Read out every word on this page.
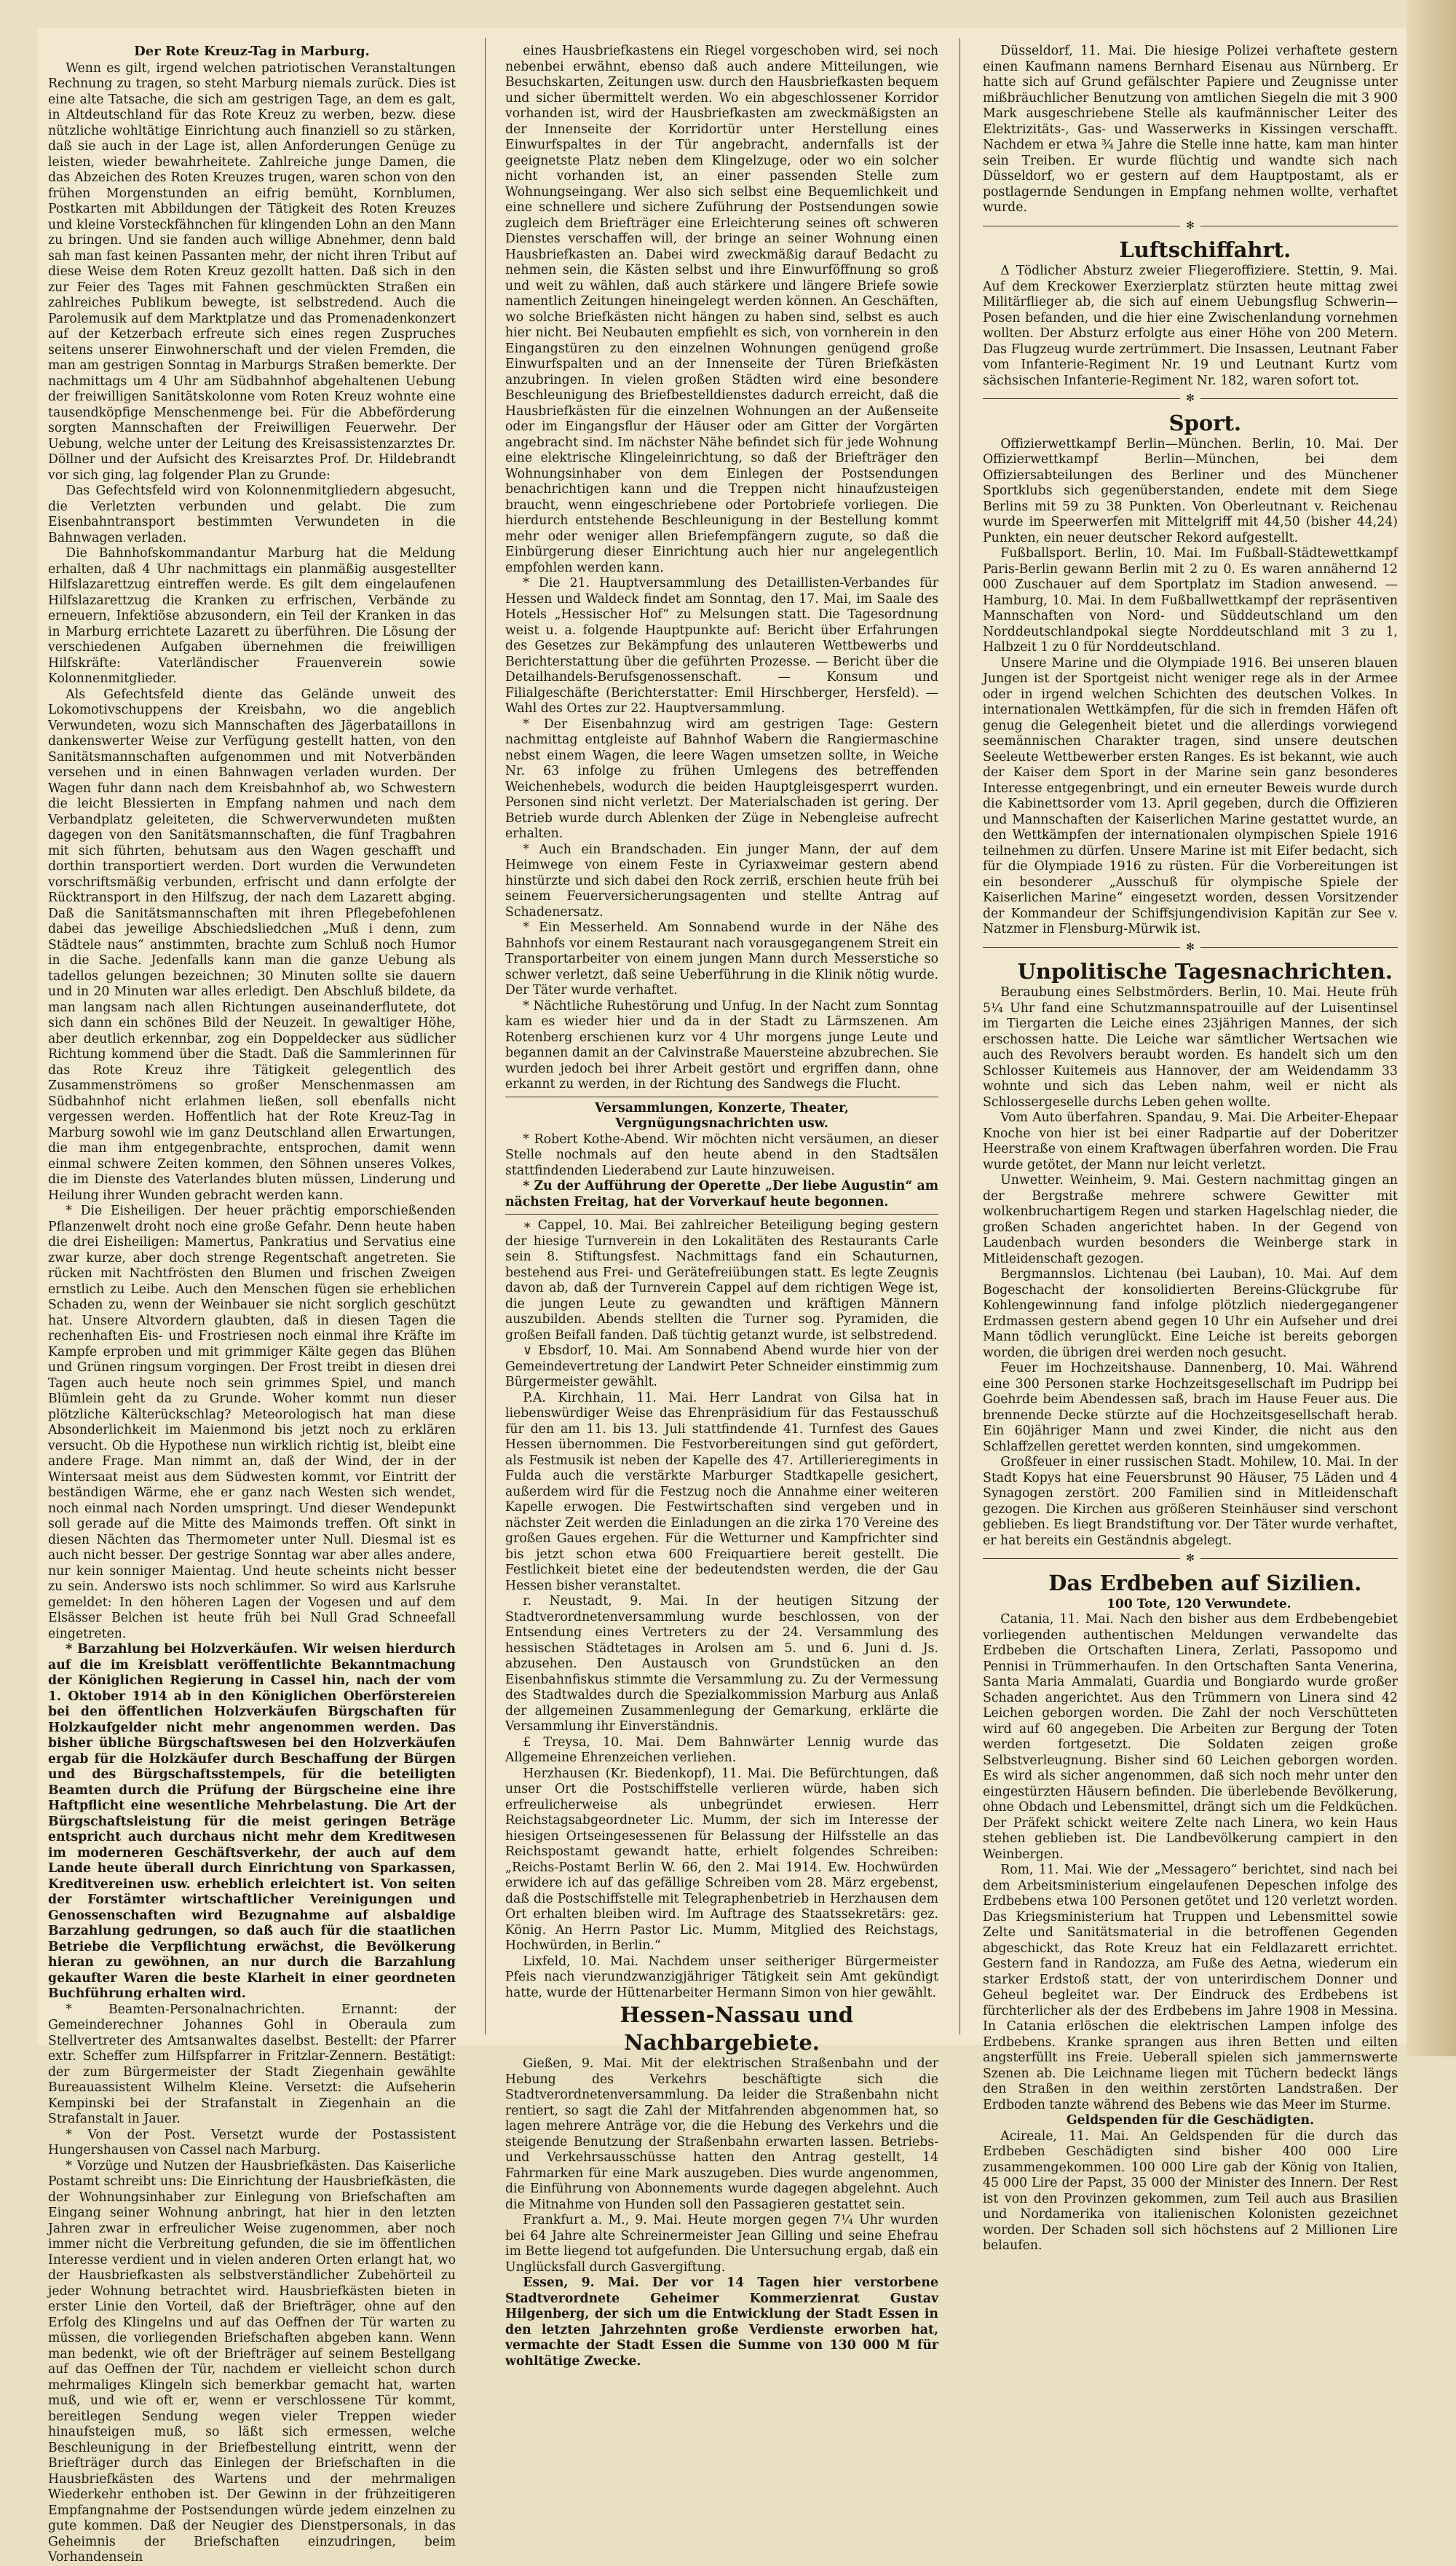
Der Rote Kreuz-Tag in Marburg.

Wenn es gilt, irgend welchen patriotischen Veranstaltungen Rechnung zu tragen, so steht Marburg niemals zurück. Dies ist eine alte Tatsache, die sich am gestrigen Tage, an dem es galt, in Altdeutschland für das Rote Kreuz zu werben, bezw. diese nützliche wohltätige Einrichtung auch finanziell so zu stärken, daß sie auch in der Lage ist, allen Anforderungen Genüge zu leisten, wieder bewahrheitete. Zahlreiche junge Damen, die das Abzeichen des Roten Kreuzes trugen, waren schon von den frühen Morgenstunden an eifrig bemüht, Kornblumen, Postkarten mit Abbildungen der Tätigkeit des Roten Kreuzes und kleine Vorsteckfähnchen für klingenden Lohn an den Mann zu bringen. Und sie fanden auch willige Abnehmer, denn bald sah man fast keinen Passanten mehr, der nicht ihren Tribut auf diese Weise dem Roten Kreuz gezollt hatten. Daß sich in den zur Feier des Tages mit Fahnen geschmückten Straßen ein zahlreiches Publikum bewegte, ist selbstredend. Auch die Parolemusik auf dem Marktplatze und das Promenadenkonzert auf der Ketzerbach erfreute sich eines regen Zuspruches seitens unserer Einwohnerschaft und der vielen Fremden, die man am gestrigen Sonntag in Marburgs Straßen bemerkte. Der nachmittags um 4 Uhr am Südbahnhof abgehaltenen Uebung der freiwilligen Sanitätskolonne vom Roten Kreuz wohnte eine tausendköpfige Menschenmenge bei. Für die Abbeförderung sorgten Mannschaften der Freiwilligen Feuerwehr. Der Uebung, welche unter der Leitung des Kreisassistenzarztes Dr. Döllner und der Aufsicht des Kreisarztes Prof. Dr. Hildebrandt vor sich ging, lag folgender Plan zu Grunde:

Das Gefechtsfeld wird von Kolonnenmitgliedern abgesucht, die Verletzten verbunden und gelabt. Die zum Eisenbahntransport bestimmten Verwundeten in die Bahnwagen verladen.

Die Bahnhofskommandantur Marburg hat die Meldung erhalten, daß 4 Uhr nachmittags ein planmäßig ausgestellter Hilfslazarettzug eintreffen werde. Es gilt dem eingelaufenen Hilfslazarettzug die Kranken zu erfrischen, Verbände zu erneuern, Infektiöse abzusondern, ein Teil der Kranken in das in Marburg errichtete Lazarett zu überführen. Die Lösung der verschiedenen Aufgaben übernehmen die freiwilligen Hilfskräfte: Vaterländischer Frauenverein sowie Kolonnenmitglieder.

Als Gefechtsfeld diente das Gelände unweit des Lokomotivschuppens der Kreisbahn, wo die angeblich Verwundeten, wozu sich Mannschaften des Jägerbataillons in dankenswerter Weise zur Verfügung gestellt hatten, von den Sanitätsmannschaften aufgenommen und mit Notverbänden versehen und in einen Bahnwagen verladen wurden. Der Wagen fuhr dann nach dem Kreisbahnhof ab, wo Schwestern die leicht Blessierten in Empfang nahmen und nach dem Verbandplatz geleiteten, die Schwerverwundeten mußten dagegen von den Sanitätsmannschaften, die fünf Tragbahren mit sich führten, behutsam aus den Wagen geschafft und dorthin transportiert werden. Dort wurden die Verwundeten vorschriftsmäßig verbunden, erfrischt und dann erfolgte der Rücktransport in den Hilfszug, der nach dem Lazarett abging. Daß die Sanitätsmannschaften mit ihren Pflegebefohlenen dabei das jeweilige Abschiedsliedchen „Muß i denn, zum Städtele naus“ anstimmten, brachte zum Schluß noch Humor in die Sache. Jedenfalls kann man die ganze Uebung als tadellos gelungen bezeichnen; 30 Minuten sollte sie dauern und in 20 Minuten war alles erledigt. Den Abschluß bildete, da man langsam nach allen Richtungen auseinanderflutete, dot sich dann ein schönes Bild der Neuzeit. In gewaltiger Höhe, aber deutlich erkennbar, zog ein Doppeldecker aus südlicher Richtung kommend über die Stadt. Daß die Sammlerinnen für das Rote Kreuz ihre Tätigkeit gelegentlich des Zusammenströmens so großer Menschenmassen am Südbahnhof nicht erlahmen ließen, soll ebenfalls nicht vergessen werden. Hoffentlich hat der Rote Kreuz-Tag in Marburg sowohl wie im ganz Deutschland allen Erwartungen, die man ihm entgegenbrachte, entsprochen, damit wenn einmal schwere Zeiten kommen, den Söhnen unseres Volkes, die im Dienste des Vaterlandes bluten müssen, Linderung und Heilung ihrer Wunden gebracht werden kann.

* Die Eisheiligen. Der heuer prächtig emporschießenden Pflanzenwelt droht noch eine große Gefahr. Denn heute haben die drei Eisheiligen: Mamertus, Pankratius und Servatius eine zwar kurze, aber doch strenge Regentschaft angetreten. Sie rücken mit Nachtfrösten den Blumen und frischen Zweigen ernstlich zu Leibe. Auch den Menschen fügen sie erheblichen Schaden zu, wenn der Weinbauer sie nicht sorglich geschützt hat. Unsere Altvordern glaubten, daß in diesen Tagen die rechenhaften Eis- und Frostriesen noch einmal ihre Kräfte im Kampfe erproben und mit grimmiger Kälte gegen das Blühen und Grünen ringsum vorgingen. Der Frost treibt in diesen drei Tagen auch heute noch sein grimmes Spiel, und manch Blümlein geht da zu Grunde. Woher kommt nun dieser plötzliche Kälterückschlag? Meteorologisch hat man diese Absonderlichkeit im Maienmond bis jetzt noch zu erklären versucht. Ob die Hypothese nun wirklich richtig ist, bleibt eine andere Frage. Man nimmt an, daß der Wind, der in der Wintersaat meist aus dem Südwesten kommt, vor Eintritt der beständigen Wärme, ehe er ganz nach Westen sich wendet, noch einmal nach Norden umspringt. Und dieser Wendepunkt soll gerade auf die Mitte des Maimonds treffen. Oft sinkt in diesen Nächten das Thermometer unter Null. Diesmal ist es auch nicht besser. Der gestrige Sonntag war aber alles andere, nur kein sonniger Maientag. Und heute scheints nicht besser zu sein. Anderswo ists noch schlimmer. So wird aus Karlsruhe gemeldet: In den höheren Lagen der Vogesen und auf dem Elsässer Belchen ist heute früh bei Null Grad Schneefall eingetreten.

* Barzahlung bei Holzverkäufen. Wir weisen hierdurch auf die im Kreisblatt veröffentlichte Bekanntmachung der Königlichen Regierung in Cassel hin, nach der vom 1. Oktober 1914 ab in den Königlichen Oberförstereien bei den öffentlichen Holzverkäufen Bürgschaften für Holzkaufgelder nicht mehr angenommen werden. Das bisher übliche Bürgschaftswesen bei den Holzverkäufen ergab für die Holzkäufer durch Beschaffung der Bürgen und des Bürgschaftsstempels, für die beteiligten Beamten durch die Prüfung der Bürgscheine eine ihre Haftpflicht eine wesentliche Mehrbelastung. Die Art der Bürgschaftsleistung für die meist geringen Beträge entspricht auch durchaus nicht mehr dem Kreditwesen im moderneren Geschäftsverkehr, der auch auf dem Lande heute überall durch Einrichtung von Sparkassen, Kreditvereinen usw. erheblich erleichtert ist. Von seiten der Forstämter wirtschaftlicher Vereinigungen und Genossenschaften wird Bezugnahme auf alsbaldige Barzahlung gedrungen, so daß auch für die staatlichen Betriebe die Verpflichtung erwächst, die Bevölkerung hieran zu gewöhnen, an nur durch die Barzahlung gekaufter Waren die beste Klarheit in einer geordneten Buchführung erhalten wird.

* Beamten-Personalnachrichten. Ernannt: der Gemeinderechner Johannes Gohl in Oberaula zum Stellvertreter des Amtsanwaltes daselbst. Bestellt: der Pfarrer extr. Scheffer zum Hilfspfarrer in Fritzlar-Zennern. Bestätigt: der zum Bürgermeister der Stadt Ziegenhain gewählte Bureauassistent Wilhelm Kleine. Versetzt: die Aufseherin Kempinski bei der Strafanstalt in Ziegenhain an die Strafanstalt in Jauer.

* Von der Post. Versetzt wurde der Postassistent Hungershausen von Cassel nach Marburg.

* Vorzüge und Nutzen der Hausbriefkästen. Das Kaiserliche Postamt schreibt uns: Die Einrichtung der Hausbriefkästen, die der Wohnungsinhaber zur Einlegung von Briefschaften am Eingang seiner Wohnung anbringt, hat hier in den letzten Jahren zwar in erfreulicher Weise zugenommen, aber noch immer nicht die Verbreitung gefunden, die sie im öffentlichen Interesse verdient und in vielen anderen Orten erlangt hat, wo der Hausbriefkasten als selbstverständlicher Zubehörteil zu jeder Wohnung betrachtet wird. Hausbriefkästen bieten in erster Linie den Vorteil, daß der Briefträger, ohne auf den Erfolg des Klingelns und auf das Oeffnen der Tür warten zu müssen, die vorliegenden Briefschaften abgeben kann. Wenn man bedenkt, wie oft der Briefträger auf seinem Bestellgang auf das Oeffnen der Tür, nachdem er vielleicht schon durch mehrmaliges Klingeln sich bemerkbar gemacht hat, warten muß, und wie oft er, wenn er verschlossene Tür kommt, bereitlegen Sendung wegen vieler Treppen wieder hinaufsteigen muß, so läßt sich ermessen, welche Beschleunigung in der Briefbestellung eintritt, wenn der Briefträger durch das Einlegen der Briefschaften in die Hausbriefkästen des Wartens und der mehrmaligen Wiederkehr enthoben ist. Der Gewinn in der frühzeitigeren Empfangnahme der Postsendungen würde jedem einzelnen zu gute kommen. Daß der Neugier des Dienstpersonals, in das Geheimnis der Briefschaften einzudringen, beim Vorhandensein

eines Hausbriefkastens ein Riegel vorgeschoben wird, sei noch nebenbei erwähnt, ebenso daß auch andere Mitteilungen, wie Besuchskarten, Zeitungen usw. durch den Hausbriefkasten bequem und sicher übermittelt werden. Wo ein abgeschlossener Korridor vorhanden ist, wird der Hausbriefkasten am zweckmäßigsten an der Innenseite der Korridortür unter Herstellung eines Einwurfspaltes in der Tür angebracht, andernfalls ist der geeignetste Platz neben dem Klingelzuge, oder wo ein solcher nicht vorhanden ist, an einer passenden Stelle zum Wohnungseingang. Wer also sich selbst eine Bequemlichkeit und eine schnellere und sichere Zuführung der Postsendungen sowie zugleich dem Briefträger eine Erleichterung seines oft schweren Dienstes verschaffen will, der bringe an seiner Wohnung einen Hausbriefkasten an. Dabei wird zweckmäßig darauf Bedacht zu nehmen sein, die Kästen selbst und ihre Einwurföffnung so groß und weit zu wählen, daß auch stärkere und längere Briefe sowie namentlich Zeitungen hineingelegt werden können. An Geschäften, wo solche Briefkästen nicht hängen zu haben sind, selbst es auch hier nicht. Bei Neubauten empfiehlt es sich, von vornherein in den Eingangstüren zu den einzelnen Wohnungen genügend große Einwurfspalten und an der Innenseite der Türen Briefkästen anzubringen. In vielen großen Städten wird eine besondere Beschleunigung des Briefbestelldienstes dadurch erreicht, daß die Hausbriefkästen für die einzelnen Wohnungen an der Außenseite oder im Eingangsflur der Häuser oder am Gitter der Vorgärten angebracht sind. Im nächster Nähe befindet sich für jede Wohnung eine elektrische Klingeleinrichtung, so daß der Briefträger den Wohnungsinhaber von dem Einlegen der Postsendungen benachrichtigen kann und die Treppen nicht hinaufzusteigen braucht, wenn eingeschriebene oder Portobriefe vorliegen. Die hierdurch entstehende Beschleunigung in der Bestellung kommt mehr oder weniger allen Briefempfängern zugute, so daß die Einbürgerung dieser Einrichtung auch hier nur angelegentlich empfohlen werden kann.

* Die 21. Hauptversammlung des Detaillisten-Verbandes für Hessen und Waldeck findet am Sonntag, den 17. Mai, im Saale des Hotels „Hessischer Hof“ zu Melsungen statt. Die Tagesordnung weist u. a. folgende Hauptpunkte auf: Bericht über Erfahrungen des Gesetzes zur Bekämpfung des unlauteren Wettbewerbs und Berichterstattung über die geführten Prozesse. — Bericht über die Detailhandels-Berufsgenossenschaft. — Konsum und Filialgeschäfte (Berichterstatter: Emil Hirschberger, Hersfeld). — Wahl des Ortes zur 22. Hauptversammlung.

* Der Eisenbahnzug wird am gestrigen Tage: Gestern nachmittag entgleiste auf Bahnhof Wabern die Rangiermaschine nebst einem Wagen, die leere Wagen umsetzen sollte, in Weiche Nr. 63 infolge zu frühen Umlegens des betreffenden Weichenhebels, wodurch die beiden Hauptgleisgesperrt wurden. Personen sind nicht verletzt. Der Materialschaden ist gering. Der Betrieb wurde durch Ablenken der Züge in Nebengleise aufrecht erhalten.

* Auch ein Brandschaden. Ein junger Mann, der auf dem Heimwege von einem Feste in Cyriaxweimar gestern abend hinstürzte und sich dabei den Rock zerriß, erschien heute früh bei seinem Feuerversicherungsagenten und stellte Antrag auf Schadenersatz.

* Ein Messerheld. Am Sonnabend wurde in der Nähe des Bahnhofs vor einem Restaurant nach vorausgegangenem Streit ein Transportarbeiter von einem jungen Mann durch Messerstiche so schwer verletzt, daß seine Ueberführung in die Klinik nötig wurde. Der Täter wurde verhaftet.

* Nächtliche Ruhestörung und Unfug. In der Nacht zum Sonntag kam es wieder hier und da in der Stadt zu Lärmszenen. Am Rotenberg erschienen kurz vor 4 Uhr morgens junge Leute und begannen damit an der Calvinstraße Mauersteine abzubrechen. Sie wurden jedoch bei ihrer Arbeit gestört und ergriffen dann, ohne erkannt zu werden, in der Richtung des Sandwegs die Flucht.

Versammlungen, Konzerte, Theater, Vergnügungsnachrichten usw.

* Robert Kothe-Abend. Wir möchten nicht versäumen, an dieser Stelle nochmals auf den heute abend in den Stadtsälen stattfindenden Liederabend zur Laute hinzuweisen.

* Zu der Aufführung der Operette „Der liebe Augustin“ am nächsten Freitag, hat der Vorverkauf heute begonnen.

∗ Cappel, 10. Mai. Bei zahlreicher Beteiligung beging gestern der hiesige Turnverein in den Lokalitäten des Restaurants Carle sein 8. Stiftungsfest. Nachmittags fand ein Schauturnen, bestehend aus Frei- und Gerätefreiübungen statt. Es legte Zeugnis davon ab, daß der Turnverein Cappel auf dem richtigen Wege ist, die jungen Leute zu gewandten und kräftigen Männern auszubilden. Abends stellten die Turner sog. Pyramiden, die großen Beifall fanden. Daß tüchtig getanzt wurde, ist selbstredend.

∨ Ebsdorf, 10. Mai. Am Sonnabend Abend wurde hier von der Gemeindevertretung der Landwirt Peter Schneider einstimmig zum Bürgermeister gewählt.

P.A. Kirchhain, 11. Mai. Herr Landrat von Gilsa hat in liebenswürdiger Weise das Ehrenpräsidium für das Festausschuß für den am 11. bis 13. Juli stattfindende 41. Turnfest des Gaues Hessen übernommen. Die Festvorbereitungen sind gut gefördert, als Festmusik ist neben der Kapelle des 47. Artillerieregiments in Fulda auch die verstärkte Marburger Stadtkapelle gesichert, außerdem wird für die Festzug noch die Annahme einer weiteren Kapelle erwogen. Die Festwirtschaften sind vergeben und in nächster Zeit werden die Einladungen an die zirka 170 Vereine des großen Gaues ergehen. Für die Wetturner und Kampfrichter sind bis jetzt schon etwa 600 Freiquartiere bereit gestellt. Die Festlichkeit bietet eine der bedeutendsten werden, die der Gau Hessen bisher veranstaltet.

r. Neustadt, 9. Mai. In der heutigen Sitzung der Stadtverordnetenversammlung wurde beschlossen, von der Entsendung eines Vertreters zu der 24. Versammlung des hessischen Städtetages in Arolsen am 5. und 6. Juni d. Js. abzusehen. Den Austausch von Grundstücken an den Eisenbahnfiskus stimmte die Versammlung zu. Zu der Vermessung des Stadtwaldes durch die Spezialkommission Marburg aus Anlaß der allgemeinen Zusammenlegung der Gemarkung, erklärte die Versammlung ihr Einverständnis.

£ Treysa, 10. Mai. Dem Bahnwärter Lennig wurde das Allgemeine Ehrenzeichen verliehen.

Herzhausen (Kr. Biedenkopf), 11. Mai. Die Befürchtungen, daß unser Ort die Postschiffstelle verlieren würde, haben sich erfreulicherweise als unbegründet erwiesen. Herr Reichstagsabgeordneter Lic. Mumm, der sich im Interesse der hiesigen Ortseingesessenen für Belassung der Hilfsstelle an das Reichspostamt gewandt hatte, erhielt folgendes Schreiben: „Reichs-Postamt Berlin W. 66, den 2. Mai 1914. Ew. Hochwürden erwidere ich auf das gefällige Schreiben vom 28. März ergebenst, daß die Postschiffstelle mit Telegraphenbetrieb in Herzhausen dem Ort erhalten bleiben wird. Im Auftrage des Staatssekretärs: gez. König. An Herrn Pastor Lic. Mumm, Mitglied des Reichstags, Hochwürden, in Berlin.“

Lixfeld, 10. Mai. Nachdem unser seitheriger Bürgermeister Pfeis nach vierundzwanzigjähriger Tätigkeit sein Amt gekündigt hatte, wurde der Hüttenarbeiter Hermann Simon von hier gewählt.

Hessen-Nassau und Nachbargebiete.

Gießen, 9. Mai. Mit der elektrischen Straßenbahn und der Hebung des Verkehrs beschäftigte sich die Stadtverordnetenversammlung. Da leider die Straßenbahn nicht rentiert, so sagt die Zahl der Mitfahrenden abgenommen hat, so lagen mehrere Anträge vor, die die Hebung des Verkehrs und die steigende Benutzung der Straßenbahn erwarten lassen. Betriebs- und Verkehrsausschüsse hatten den Antrag gestellt, 14 Fahrmarken für eine Mark auszugeben. Dies wurde angenommen, die Einführung von Abonnements wurde dagegen abgelehnt. Auch die Mitnahme von Hunden soll den Passagieren gestattet sein.

Frankfurt a. M., 9. Mai. Heute morgen gegen 7¼ Uhr wurden bei 64 Jahre alte Schreinermeister Jean Gilling und seine Ehefrau im Bette liegend tot aufgefunden. Die Untersuchung ergab, daß ein Unglücksfall durch Gasvergiftung.

Essen, 9. Mai. Der vor 14 Tagen hier verstorbene Stadtverordnete Geheimer Kommerzienrat Gustav Hilgenberg, der sich um die Entwicklung der Stadt Essen in den letzten Jahrzehnten große Verdienste erworben hat, vermachte der Stadt Essen die Summe von 130 000 M für wohltätige Zwecke.

Düsseldorf, 11. Mai. Die hiesige Polizei verhaftete gestern einen Kaufmann namens Bernhard Eisenau aus Nürnberg. Er hatte sich auf Grund gefälschter Papiere und Zeugnisse unter mißbräuchlicher Benutzung von amtlichen Siegeln die mit 3 900 Mark ausgeschriebene Stelle als kaufmännischer Leiter des Elektrizitäts-, Gas- und Wasserwerks in Kissingen verschafft. Nachdem er etwa ¾ Jahre die Stelle inne hatte, kam man hinter sein Treiben. Er wurde flüchtig und wandte sich nach Düsseldorf, wo er gestern auf dem Hauptpostamt, als er postlagernde Sendungen in Empfang nehmen wollte, verhaftet wurde.

✻

Luftschiffahrt.

Δ Tödlicher Absturz zweier Fliegeroffiziere. Stettin, 9. Mai. Auf dem Kreckower Exerzierplatz stürzten heute mittag zwei Militärflieger ab, die sich auf einem Uebungsflug Schwerin—Posen befanden, und die hier eine Zwischenlandung vornehmen wollten. Der Absturz erfolgte aus einer Höhe von 200 Metern. Das Flugzeug wurde zertrümmert. Die Insassen, Leutnant Faber vom Infanterie-Regiment Nr. 19 und Leutnant Kurtz vom sächsischen Infanterie-Regiment Nr. 182, waren sofort tot.

✻

Sport.

Offizierwettkampf Berlin—München. Berlin, 10. Mai. Der Offizierwettkampf Berlin—München, bei dem Offiziersabteilungen des Berliner und des Münchener Sportklubs sich gegenüberstanden, endete mit dem Siege Berlins mit 59 zu 38 Punkten. Von Oberleutnant v. Reichenau wurde im Speerwerfen mit Mittelgriff mit 44,50 (bisher 44,24) Punkten, ein neuer deutscher Rekord aufgestellt.

Fußballsport. Berlin, 10. Mai. Im Fußball-Städtewettkampf Paris-Berlin gewann Berlin mit 2 zu 0. Es waren annähernd 12 000 Zuschauer auf dem Sportplatz im Stadion anwesend. — Hamburg, 10. Mai. In dem Fußballwettkampf der repräsentiven Mannschaften von Nord- und Süddeutschland um den Norddeutschlandpokal siegte Norddeutschland mit 3 zu 1, Halbzeit 1 zu 0 für Norddeutschland.

Unsere Marine und die Olympiade 1916. Bei unseren blauen Jungen ist der Sportgeist nicht weniger rege als in der Armee oder in irgend welchen Schichten des deutschen Volkes. In internationalen Wettkämpfen, für die sich in fremden Häfen oft genug die Gelegenheit bietet und die allerdings vorwiegend seemännischen Charakter tragen, sind unsere deutschen Seeleute Wettbewerber ersten Ranges. Es ist bekannt, wie auch der Kaiser dem Sport in der Marine sein ganz besonderes Interesse entgegenbringt, und ein erneuter Beweis wurde durch die Kabinettsorder vom 13. April gegeben, durch die Offizieren und Mannschaften der Kaiserlichen Marine gestattet wurde, an den Wettkämpfen der internationalen olympischen Spiele 1916 teilnehmen zu dürfen. Unsere Marine ist mit Eifer bedacht, sich für die Olympiade 1916 zu rüsten. Für die Vorbereitungen ist ein besonderer „Ausschuß für olympische Spiele der Kaiserlichen Marine“ eingesetzt worden, dessen Vorsitzender der Kommandeur der Schiffsjungendivision Kapitän zur See v. Natzmer in Flensburg-Mürwik ist.

✻

Unpolitische Tagesnachrichten.

Beraubung eines Selbstmörders. Berlin, 10. Mai. Heute früh 5¼ Uhr fand eine Schutzmannspatrouille auf der Luisentinsel im Tiergarten die Leiche eines 23jährigen Mannes, der sich erschossen hatte. Die Leiche war sämtlicher Wertsachen wie auch des Revolvers beraubt worden. Es handelt sich um den Schlosser Kuitemeis aus Hannover, der am Weidendamm 33 wohnte und sich das Leben nahm, weil er nicht als Schlossergeselle durchs Leben gehen wollte.

Vom Auto überfahren. Spandau, 9. Mai. Die Arbeiter-Ehepaar Knoche von hier ist bei einer Radpartie auf der Doberitzer Heerstraße von einem Kraftwagen überfahren worden. Die Frau wurde getötet, der Mann nur leicht verletzt.

Unwetter. Weinheim, 9. Mai. Gestern nachmittag gingen an der Bergstraße mehrere schwere Gewitter mit wolkenbruchartigem Regen und starken Hagelschlag nieder, die großen Schaden angerichtet haben. In der Gegend von Laudenbach wurden besonders die Weinberge stark in Mitleidenschaft gezogen.

Bergmannslos. Lichtenau (bei Lauban), 10. Mai. Auf dem Bogeschacht der konsolidierten Bereins-Glückgrube für Kohlengewinnung fand infolge plötzlich niedergegangener Erdmassen gestern abend gegen 10 Uhr ein Aufseher und drei Mann tödlich verunglückt. Eine Leiche ist bereits geborgen worden, die übrigen drei werden noch gesucht.

Feuer im Hochzeitshause. Dannenberg, 10. Mai. Während eine 300 Personen starke Hochzeitsgesellschaft im Pudripp bei Goehrde beim Abendessen saß, brach im Hause Feuer aus. Die brennende Decke stürzte auf die Hochzeitsgesellschaft herab. Ein 60jähriger Mann und zwei Kinder, die nicht aus den Schlaffzellen gerettet werden konnten, sind umgekommen.

Großfeuer in einer russischen Stadt. Mohilew, 10. Mai. In der Stadt Kopys hat eine Feuersbrunst 90 Häuser, 75 Läden und 4 Synagogen zerstört. 200 Familien sind in Mitleidenschaft gezogen. Die Kirchen aus größeren Steinhäuser sind verschont geblieben. Es liegt Brandstiftung vor. Der Täter wurde verhaftet, er hat bereits ein Geständnis abgelegt.

✻

Das Erdbeben auf Sizilien.

100 Tote, 120 Verwundete.

Catania, 11. Mai. Nach den bisher aus dem Erdbebengebiet vorliegenden authentischen Meldungen verwandelte das Erdbeben die Ortschaften Linera, Zerlati, Passopomo und Pennisi in Trümmerhaufen. In den Ortschaften Santa Venerina, Santa Maria Ammalati, Guardia und Bongiardo wurde großer Schaden angerichtet. Aus den Trümmern von Linera sind 42 Leichen geborgen worden. Die Zahl der noch Verschütteten wird auf 60 angegeben. Die Arbeiten zur Bergung der Toten werden fortgesetzt. Die Soldaten zeigen große Selbstverleugnung. Bisher sind 60 Leichen geborgen worden. Es wird als sicher angenommen, daß sich noch mehr unter den eingestürzten Häusern befinden. Die überlebende Bevölkerung, ohne Obdach und Lebensmittel, drängt sich um die Feldküchen. Der Präfekt schickt weitere Zelte nach Linera, wo kein Haus stehen geblieben ist. Die Landbevölkerung campiert in den Weinbergen.

Rom, 11. Mai. Wie der „Messagero“ berichtet, sind nach bei dem Arbeitsministerium eingelaufenen Depeschen infolge des Erdbebens etwa 100 Personen getötet und 120 verletzt worden. Das Kriegsministerium hat Truppen und Lebensmittel sowie Zelte und Sanitätsmaterial in die betroffenen Gegenden abgeschickt, das Rote Kreuz hat ein Feldlazarett errichtet. Gestern fand in Randozza, am Fuße des Aetna, wiederum ein starker Erdstoß statt, der von unterirdischem Donner und Geheul begleitet war. Der Eindruck des Erdbebens ist fürchterlicher als der des Erdbebens im Jahre 1908 in Messina. In Catania erlöschen die elektrischen Lampen infolge des Erdbebens. Kranke sprangen aus ihren Betten und eilten angsterfüllt ins Freie. Ueberall spielen sich jammernswerte Szenen ab. Die Leichname liegen mit Tüchern bedeckt längs den Straßen in den weithin zerstörten Landstraßen. Der Erdboden tanzte während des Bebens wie das Meer im Sturme.

Geldspenden für die Geschädigten.

Acireale, 11. Mai. An Geldspenden für die durch das Erdbeben Geschädigten sind bisher 400 000 Lire zusammengekommen. 100 000 Lire gab der König von Italien, 45 000 Lire der Papst, 35 000 der Minister des Innern. Der Rest ist von den Provinzen gekommen, zum Teil auch aus Brasilien und Nordamerika von italienischen Kolonisten gezeichnet worden. Der Schaden soll sich höchstens auf 2 Millionen Lire belaufen.
